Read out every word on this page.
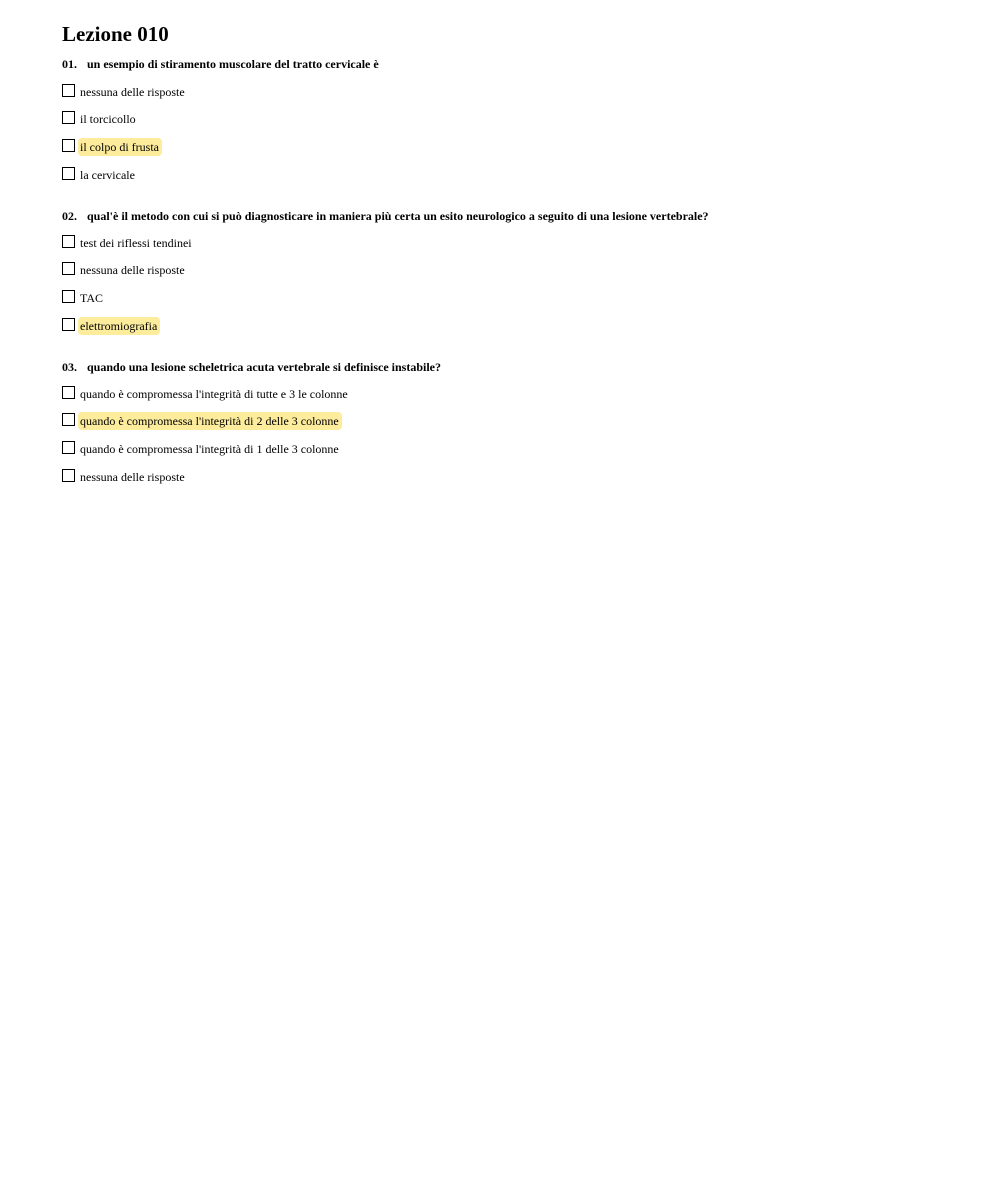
Lezione 010
01. un esempio di stiramento muscolare del tratto cervicale è
nessuna delle risposte
il torcicollo
il colpo di frusta
la cervicale
02. qual'è il metodo con cui si può diagnosticare in maniera più certa un esito neurologico a seguito di una lesione vertebrale?
test dei riflessi tendinei
nessuna delle risposte
TAC
elettromiografia
03. quando una lesione scheletrica acuta vertebrale si definisce instabile?
quando è compromessa l'integrità di tutte e 3 le colonne
quando è compromessa l'integrità di 2 delle 3 colonne
quando è compromessa l'integrità di 1 delle 3 colonne
nessuna delle risposte
